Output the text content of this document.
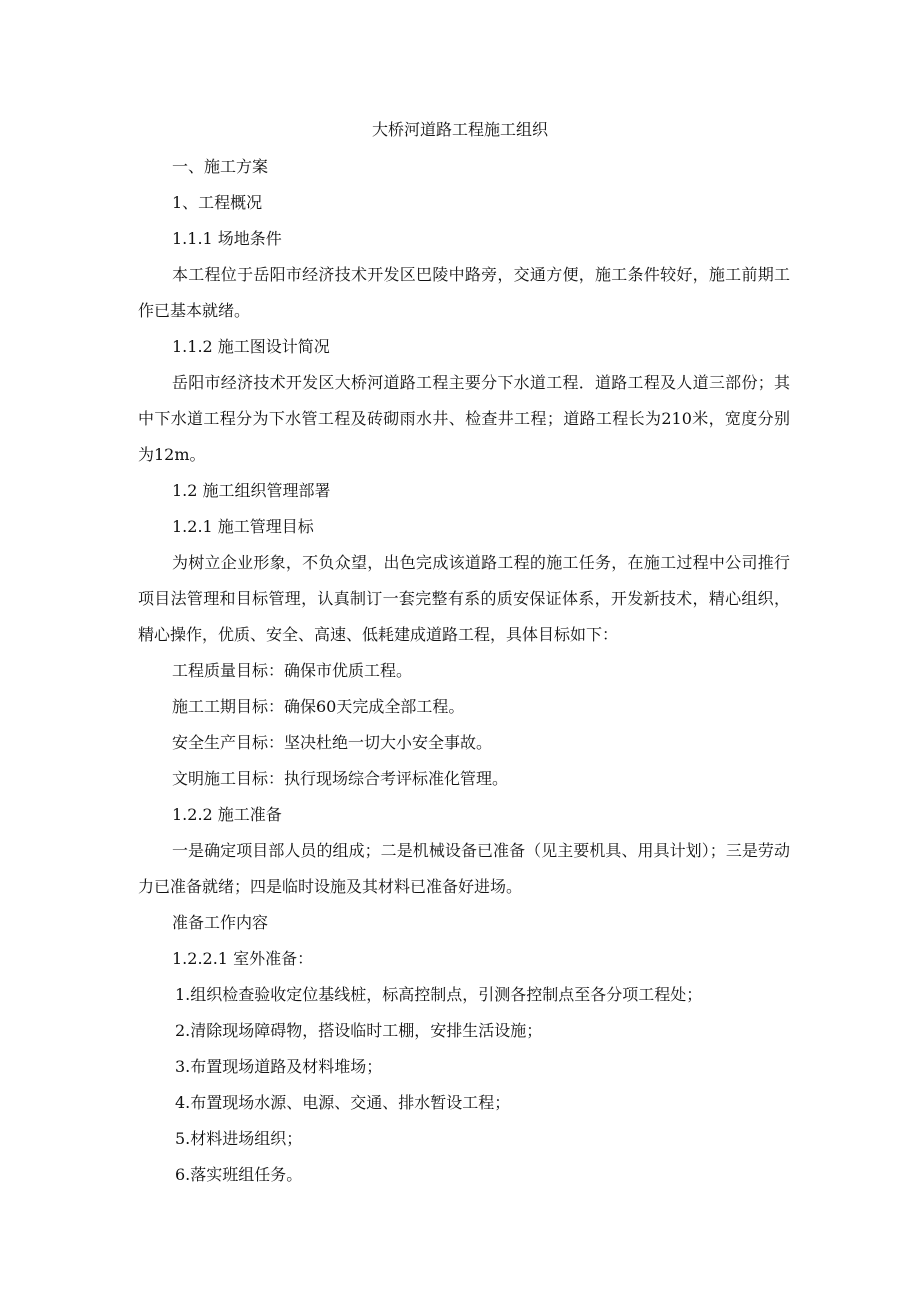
大桥河道路工程施工组织
一、施工方案
1、工程概况
1.1.1 场地条件
本工程位于岳阳市经济技术开发区巴陵中路旁，交通方便，施工条件较好，施工前期工作已基本就绪。
1.1.2 施工图设计简况
岳阳市经济技术开发区大桥河道路工程主要分下水道工程．道路工程及人道三部份；其中下水道工程分为下水管工程及砖砌雨水井、检查井工程；道路工程长为210米，宽度分别为12m。
1.2 施工组织管理部署
1.2.1 施工管理目标
为树立企业形象，不负众望，出色完成该道路工程的施工任务，在施工过程中公司推行项目法管理和目标管理，认真制订一套完整有系的质安保证体系，开发新技术，精心组织，精心操作，优质、安全、高速、低耗建成道路工程，具体目标如下：
工程质量目标：确保市优质工程。
施工工期目标：确保60天完成全部工程。
安全生产目标：坚决杜绝一切大小安全事故。
文明施工目标：执行现场综合考评标准化管理。
1.2.2 施工准备
一是确定项目部人员的组成；二是机械设备已准备（见主要机具、用具计划）；三是劳动力已准备就绪；四是临时设施及其材料已准备好进场。
准备工作内容
1.2.2.1 室外准备：
1.组织检查验收定位基线桩，标高控制点，引测各控制点至各分项工程处；
2.清除现场障碍物，搭设临时工棚，安排生活设施；
3.布置现场道路及材料堆场；
4.布置现场水源、电源、交通、排水暂设工程；
5.材料进场组织；
6.落实班组任务。
